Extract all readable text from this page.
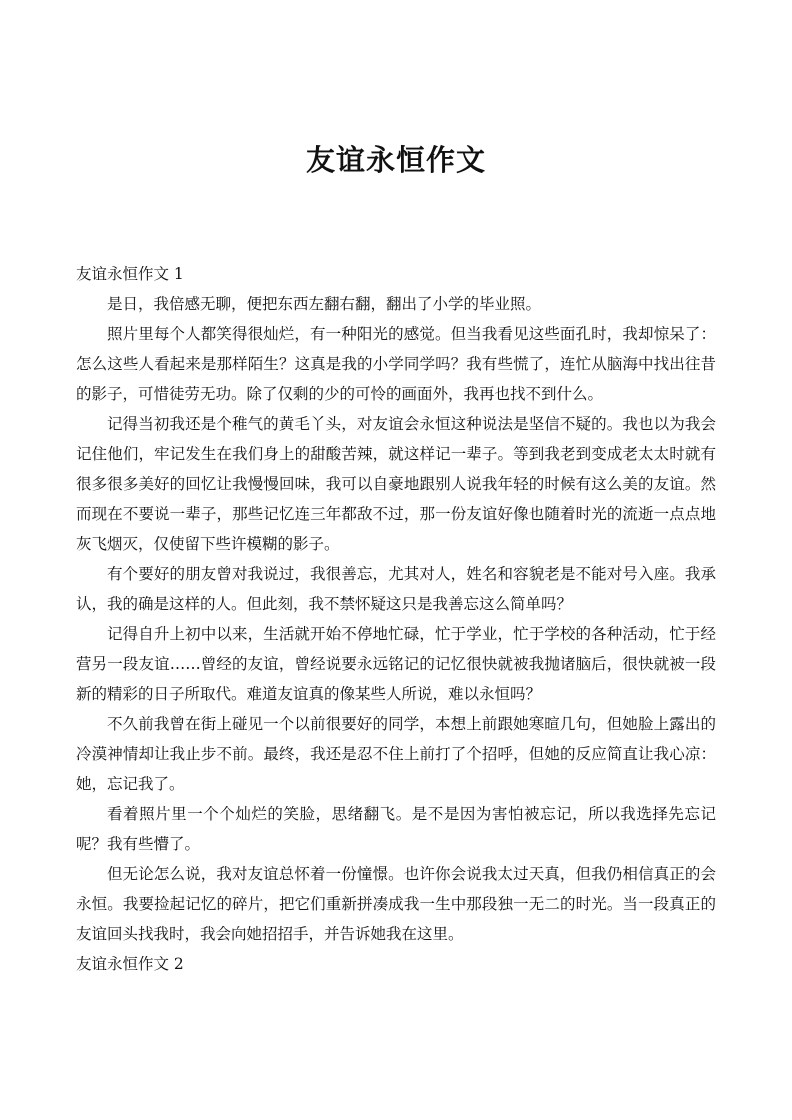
友谊永恒作文

友谊永恒作文 1

是日，我倍感无聊，便把东西左翻右翻，翻出了小学的毕业照。

照片里每个人都笑得很灿烂，有一种阳光的感觉。但当我看见这些面孔时，我却惊呆了：怎么这些人看起来是那样陌生？这真是我的小学同学吗？我有些慌了，连忙从脑海中找出往昔的影子，可惜徒劳无功。除了仅剩的少的可怜的画面外，我再也找不到什么。

记得当初我还是个稚气的黄毛丫头，对友谊会永恒这种说法是坚信不疑的。我也以为我会记住他们，牢记发生在我们身上的甜酸苦辣，就这样记一辈子。等到我老到变成老太太时就有很多很多美好的回忆让我慢慢回味，我可以自豪地跟别人说我年轻的时候有这么美的友谊。然而现在不要说一辈子，那些记忆连三年都敌不过，那一份友谊好像也随着时光的流逝一点点地灰飞烟灭，仅使留下些许模糊的影子。

有个要好的朋友曾对我说过，我很善忘，尤其对人，姓名和容貌老是不能对号入座。我承认，我的确是这样的人。但此刻，我不禁怀疑这只是我善忘这么简单吗？

记得自升上初中以来，生活就开始不停地忙碌，忙于学业，忙于学校的各种活动，忙于经营另一段友谊……曾经的友谊，曾经说要永远铭记的记忆很快就被我抛诸脑后，很快就被一段新的精彩的日子所取代。难道友谊真的像某些人所说，难以永恒吗？

不久前我曾在街上碰见一个以前很要好的同学，本想上前跟她寒暄几句，但她脸上露出的冷漠神情却让我止步不前。最终，我还是忍不住上前打了个招呼，但她的反应简直让我心凉：她，忘记我了。

看着照片里一个个灿烂的笑脸，思绪翻飞。是不是因为害怕被忘记，所以我选择先忘记呢？我有些懵了。

但无论怎么说，我对友谊总怀着一份憧憬。也许你会说我太过天真，但我仍相信真正的会永恒。我要捡起记忆的碎片，把它们重新拼凑成我一生中那段独一无二的时光。当一段真正的友谊回头找我时，我会向她招招手，并告诉她我在这里。

友谊永恒作文 2
